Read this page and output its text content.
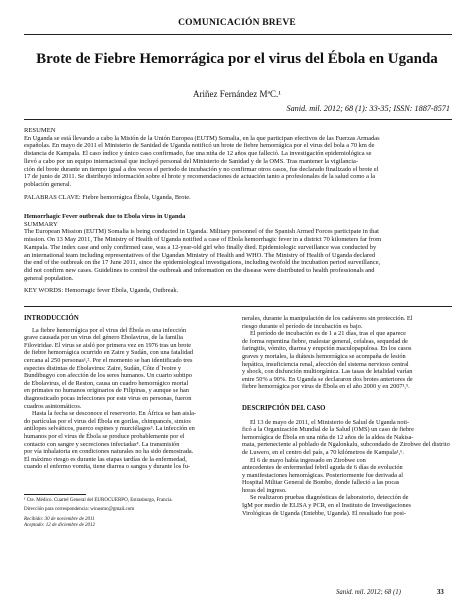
COMUNICACIÓN BREVE
Brote de Fiebre Hemorrágica por el virus del Ébola en Uganda
Ariñez Fernández MªC.¹
Sanid. mil. 2012; 68 (1): 33-35; ISSN: 1887-8571

RESUMEN

En Uganda se está llevando a cabo la Misión de la Unión Europea (EUTM) Somalia, en la que participan efectivos de las Fuerzas Armadas

españolas. En mayo de 2011 el Ministerio de Sanidad de Uganda notificó un brote de fiebre hemorrágica por el virus del bola a 70 km de

distancia de Kampala. El caso índice y único caso confirmado, fue una niña de 12 años que falleció. La investigación epidemiológica se

llevó a cabo por un equipo internacional que incluyó personal del Ministerio de Sanidad y de la OMS. Tras mantener la vigilancia-

ción del brote durante un tiempo igual a dos veces el periodo de incubación y no confirmar otros casos, fue declarado finalizado el brote el

17 de junio de 2011. Se distribuyó información sobre el brote y recomendaciones de actuación tanto a profesionales de la salud como a la

población general.

PALABRAS CLAVE: Fiebre hemorrágica Ébola, Uganda, Brote.

Hemorrhagic Fever outbreak due to Ebola virus in Uganda

SUMMARY

The European Mission (EUTM) Somalia is being conducted in Uganda. Military personnel of the Spanish Armed Forces participate in that

mission. On 13 May 2011, The Ministry of Health of Uganda notified a case of Ebola hemorrhagic fever in a district 70 kilometers far from

Kampala. The index case and only confirmed case, was a 12-year-old girl who finally died. Epidemiologic surveillance was conducted by

an international team including representatives of the Ugandan Ministry of Health and WHO. The Ministry of Health of Uganda declared

the end of the outbreak on the 17 June 2011, since the epidemiological investigations, including twofold the incubation period surveillance,

did not confirm new cases. Guidelines to control the outbreak and information on the disease were distributed to health professionals and

general population.

KEY WORDS: Hemorragic fever Ebola, Uganda, Outbreak.

INTRODUCCIÓN

La fiebre hemorrágica por el virus del Ébola es una infección

grave causada por un virus del género Ebolavirus, de la familia

Filoviridae. El virus se aisló por primera vez en 1976 tras un brote

de fiebre hemorrágica ocurrido en Zaire y Sudán, con una fatalidad

cercana al 250 personas¹,². Por el momento se han identificado tres

especies distintas de Ebolavirus: Zaire, Sudán, Côte d´Ivoire y

Bundibugyo con afección de los seres humanos. Un cuarto subtipo

de Ebolavirus, el de Reston, causa un cuadro hemorrágico mortal

en primates no humanos originarios de Filipinas, y aunque se han

diagnosticado pocas infecciones por este virus en personas, fueron

cuadros asintomáticos.

Hasta la fecha se desconoce el reservorio. En África se han aisla-

do partículas por el virus del Ébola en gorilas, chimpancés, simios

antílopes selváticos, puerco espines y murciélagos³. La infección en

humanos por el virus de Ébola se produce probablemente por el

contacto con sangre y secreciones infectadas⁴. La transmisión

por vía inhalatoria en condiciones naturales no ha sido demostrada.

El máximo riesgo es durante las etapas tardías de la enfermedad,

cuando el enfermo vomita, tiene diarrea o sangra y durante los fu-

¹ Cte. Médico. Cuartel General del EUROCUERPO, Estrasburgo, Francia.
Dirección para correspondencia: winosmc@gmail.com
Recibido: 30 de noviembre de 2011
Aceptado: 12 de diciembre de 2012

nerales, durante la manipulación de los cadáveres sin protección. El

riesgo durante el período de incubación es bajo.

El período de incubación es de 1 a 21 días, tras el que aparece

de forma repentina fiebre, malestar general, cefaleas, sequedad de

faringitis, vómito, diarrea y erupción maculopapulosa. En los casos

graves y mortales, la diátesis hemorrágica se acompaña de lesión

hepática, insuficiencia renal, afección del sistema nervioso central

y shock, con disfunción multiorgánica. Las tasas de letalidad varían

entre 50% a 90%. En Uganda se declararon dos brotes anteriores de

fiebre hemorrágica por virus de Ébola en el año 2000 y en 2007¹,⁵.

DESCRIPCIÓN DEL CASO

El 13 de mayo de 2011, el Ministerio de Salud de Uganda noti-

ficó a la Organización Mundial de la Salud (OMS) un caso de fiebre

hemorrágica de Ébola en una niña de 12 años de la aldea de Nakisa-

mata, perteneciente al poblado de Ngalonkalu, subcondado de Zirobwe del distrito

de Luwero, en el centro del país, a 70 kilómetros de Kampala¹,⁶.

El 6 de mayo había ingresado en Zirobwe con

antecedentes de enfermedad febril aguda de 6 días de evolución

y manifestaciones hemorrágicas. Posteriormente fue derivada al

Hospital Militar General de Bombo, donde falleció a las pocas

horas del ingreso.

Se realizaron pruebas diagnósticas de laboratorio, detección de

IgM por medio de ELISA y PCR, en el Instituto de Investigaciones

Virológicas de Uganda (Entebbe, Uganda). El resultado fue posi-

Sanid. mil. 2012; 68 (1)	33
